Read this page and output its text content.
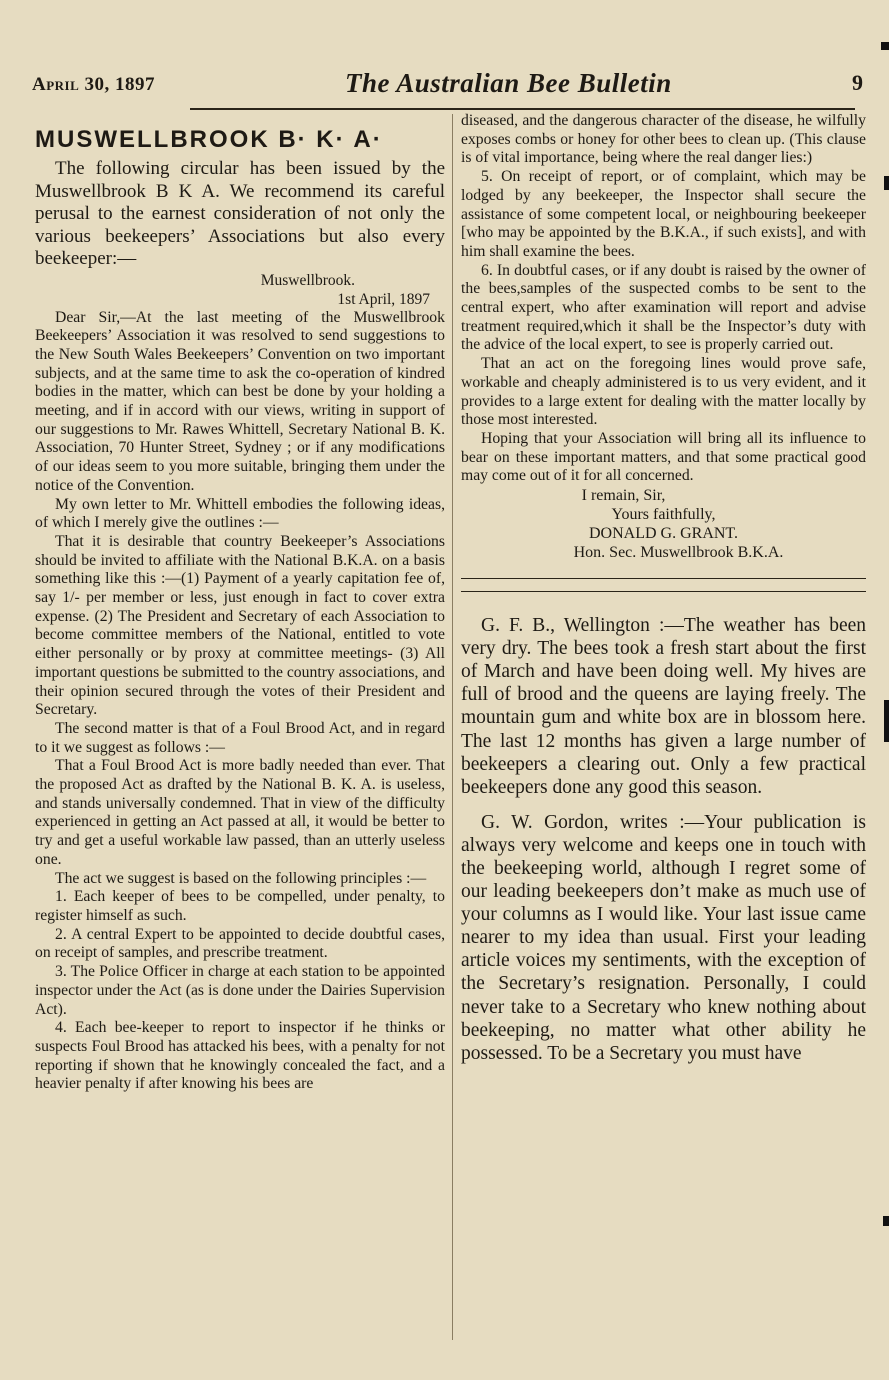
April 30, 1897	The Australian Bee Bulletin	9
MUSWELLBROOK B· K· A·

The following circular has been issued by the Muswellbrook B K A. We recommend its careful perusal to the earnest consideration of not only the various beekeepers’ Associations but also every beekeeper:—

Muswellbrook.
1st April, 1897

Dear Sir,—At the last meeting of the Muswellbrook Beekeepers’ Association it was resolved to send suggestions to the New South Wales Beekeepers’ Convention on two important subjects, and at the same time to ask the co-operation of kindred bodies in the matter, which can best be done by your holding a meeting, and if in accord with our views, writing in support of our suggestions to Mr. Rawes Whittell, Secretary National B. K. Association, 70 Hunter Street, Sydney ; or if any modifications of our ideas seem to you more suitable, bringing them under the notice of the Convention.

My own letter to Mr. Whittell embodies the following ideas, of which I merely give the outlines :—

That it is desirable that country Beekeeper’s Associations should be invited to affiliate with the National B.K.A. on a basis something like this :—(1) Payment of a yearly capitation fee of, say 1/- per member or less, just enough in fact to cover extra expense. (2) The President and Secretary of each Association to become committee members of the National, entitled to vote either personally or by proxy at committee meetings- (3) All important questions be submitted to the country associations, and their opinion secured through the votes of their President and Secretary.

The second matter is that of a Foul Brood Act, and in regard to it we suggest as follows :—

That a Foul Brood Act is more badly needed than ever. That the proposed Act as drafted by the National B. K. A. is useless, and stands universally condemned. That in view of the difficulty experienced in getting an Act passed at all, it would be better to try and get a useful workable law passed, than an utterly useless one.

The act we suggest is based on the following principles :—

1. Each keeper of bees to be compelled, under penalty, to register himself as such.

2. A central Expert to be appointed to decide doubtful cases, on receipt of samples, and prescribe treatment.

3. The Police Officer in charge at each station to be appointed inspector under the Act (as is done under the Dairies Supervision Act).

4. Each bee-keeper to report to inspector if he thinks or suspects Foul Brood has attacked his bees, with a penalty for not reporting if shown that he knowingly concealed the fact, and a heavier penalty if after knowing his bees are

diseased, and the dangerous character of the disease, he wilfully exposes combs or honey for other bees to clean up. (This clause is of vital importance, being where the real danger lies:)

5. On receipt of report, or of complaint, which may be lodged by any beekeeper, the Inspector shall secure the assistance of some competent local, or neighbouring beekeeper [who may be appointed by the B.K.A., if such exists], and with him shall examine the bees.

6. In doubtful cases, or if any doubt is raised by the owner of the bees,samples of the suspected combs to be sent to the central expert, who after examination will report and advise treatment required,which it shall be the Inspector’s duty with the advice of the local expert, to see is properly carried out.

That an act on the foregoing lines would prove safe, workable and cheaply administered is to us very evident, and it provides to a large extent for dealing with the matter locally by those most interested.

Hoping that your Association will bring all its influence to bear on these important matters, and that some practical good may come out of it for all concerned.

I remain, Sir,
Yours faithfully,
DONALD G. GRANT.
Hon. Sec. Muswellbrook B.K.A.

G. F. B., Wellington :—The weather has been very dry. The bees took a fresh start about the first of March and have been doing well. My hives are full of brood and the queens are laying freely. The mountain gum and white box are in blossom here. The last 12 months has given a large number of beekeepers a clearing out. Only a few practical beekeepers done any good this season.

G. W. Gordon, writes :—Your publication is always very welcome and keeps one in touch with the beekeeping world, although I regret some of our leading beekeepers don’t make as much use of your columns as I would like. Your last issue came nearer to my idea than usual. First your leading article voices my sentiments, with the exception of the Secretary’s resignation. Personally, I could never take to a Secretary who knew nothing about beekeeping, no matter what other ability he possessed. To be a Secretary you must have
